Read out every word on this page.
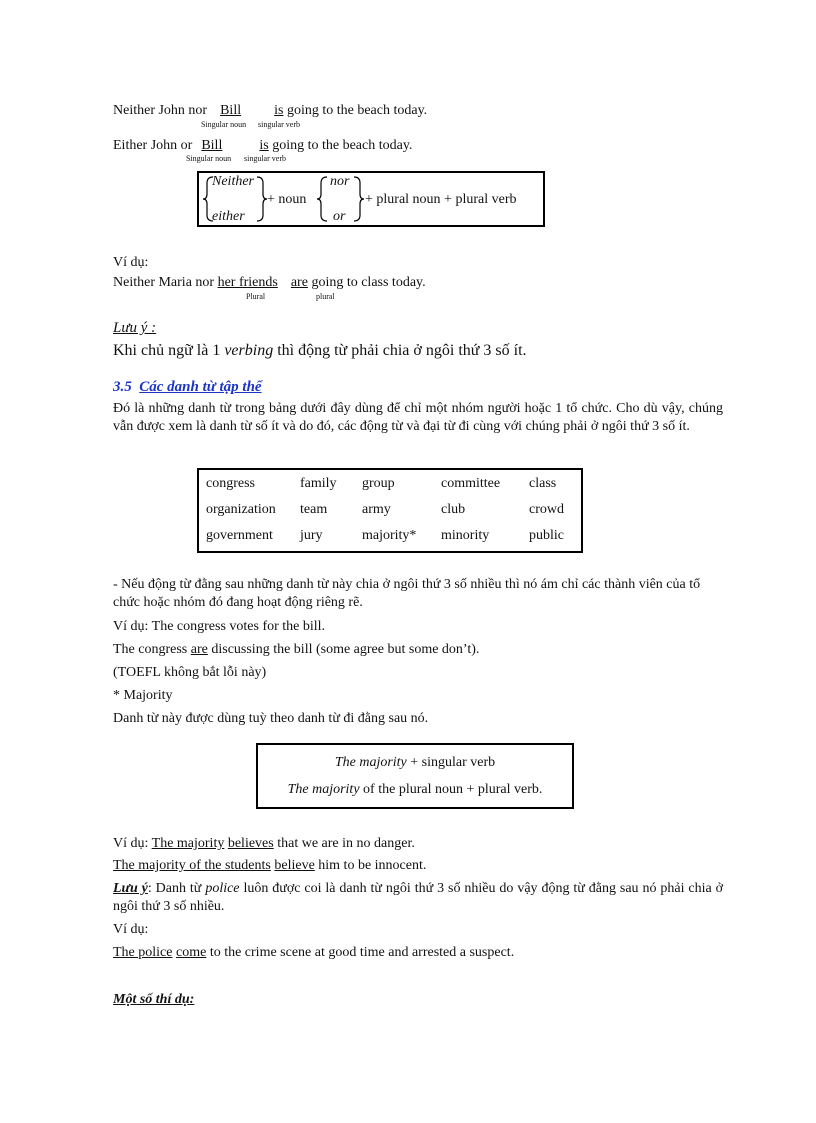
Neither John nor Bill is going to the beach today.
Singular noun singular verb
Either John or Bill	is going to the beach today.
Singular noun singular verb
Neither
either
+ noun
nor
or
+ plural noun + plural verb
Ví dụ:
Neither Maria nor her friends are going to class today.
Plural	plural
Lưu ý :
Khi chủ ngữ là 1 verbing thì động từ phải chia ở ngôi thứ 3 số ít.
3.5 Các danh từ tập thể
Đó là những danh từ trong bảng dưới đây dùng để chỉ một nhóm người hoặc 1 tổ chức. Cho dù vậy, chúng vẫn được xem là danh từ số ít và do đó, các động từ và đại từ đi cùng với chúng phải ở ngôi thứ 3 số ít.
congress	family	group	committee	class
organization	team	army	club	crowd
government	jury	majority*	minority	public
- Nếu động từ đằng sau những danh từ này chia ở ngôi thứ 3 số nhiều thì nó ám chỉ các thành viên của tổ chức hoặc nhóm đó đang hoạt động riêng rẽ.
Ví dụ: The congress votes for the bill.
The congress are discussing the bill (some agree but some don’t).
(TOEFL không bắt lỗi này)
* Majority
Danh từ này được dùng tuỳ theo danh từ đi đằng sau nó.
The majority + singular verb
The majority of the plural noun + plural verb.
Ví dụ: The majority believes that we are in no danger.
The majority of the students believe him to be innocent.
Lưu ý: Danh từ police luôn được coi là danh từ ngôi thứ 3 số nhiều do vậy động từ đằng sau nó phải chia ở ngôi thứ 3 số nhiều.
Ví dụ:
The police come to the crime scene at good time and arrested a suspect.
Một số thí dụ:
